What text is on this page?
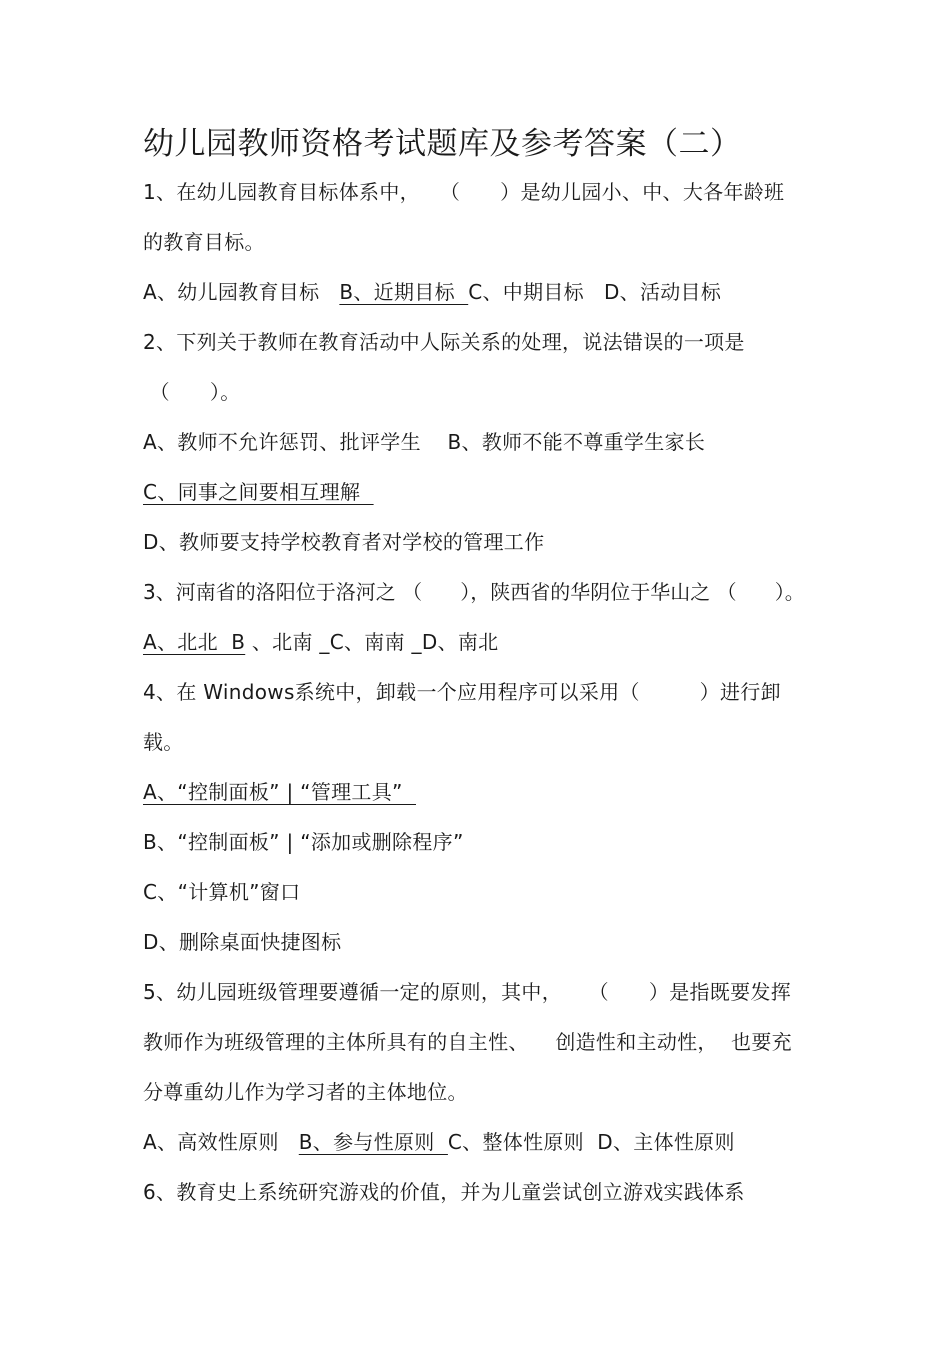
幼儿园教师资格考试题库及参考答案（二）
1、在幼儿园教育目标体系中，   （      ）是幼儿园小、中、大各年龄班
的教育目标。
A、幼儿园教育目标   B、近期目标  C、中期目标   D、活动目标
2、下列关于教师在教育活动中人际关系的处理，说法错误的一项是
（      ）。
A、教师不允许惩罚、批评学生    B、教师不能不尊重学生家长
C、同事之间要相互理解
D、教师要支持学校教育者对学校的管理工作
3、河南省的洛阳位于洛河之 （      ），陕西省的华阴位于华山之 （      ）。
A、北北  B 、北南 _C、南南 _D、南北
4、在 Windows系统中，卸载一个应用程序可以采用（         ）进行卸
载。
A、“控制面板” | “管理工具”
B、“控制面板” | “添加或删除程序”
C、“计算机”窗口
D、删除桌面快捷图标
5、幼儿园班级管理要遵循一定的原则，其中，    （      ）是指既要发挥
教师作为班级管理的主体所具有的自主性、    创造性和主动性，  也要充
分尊重幼儿作为学习者的主体地位。
A、高效性原则   B、参与性原则  C、整体性原则  D、主体性原则
6、教育史上系统研究游戏的价值，并为儿童尝试创立游戏实践体系
